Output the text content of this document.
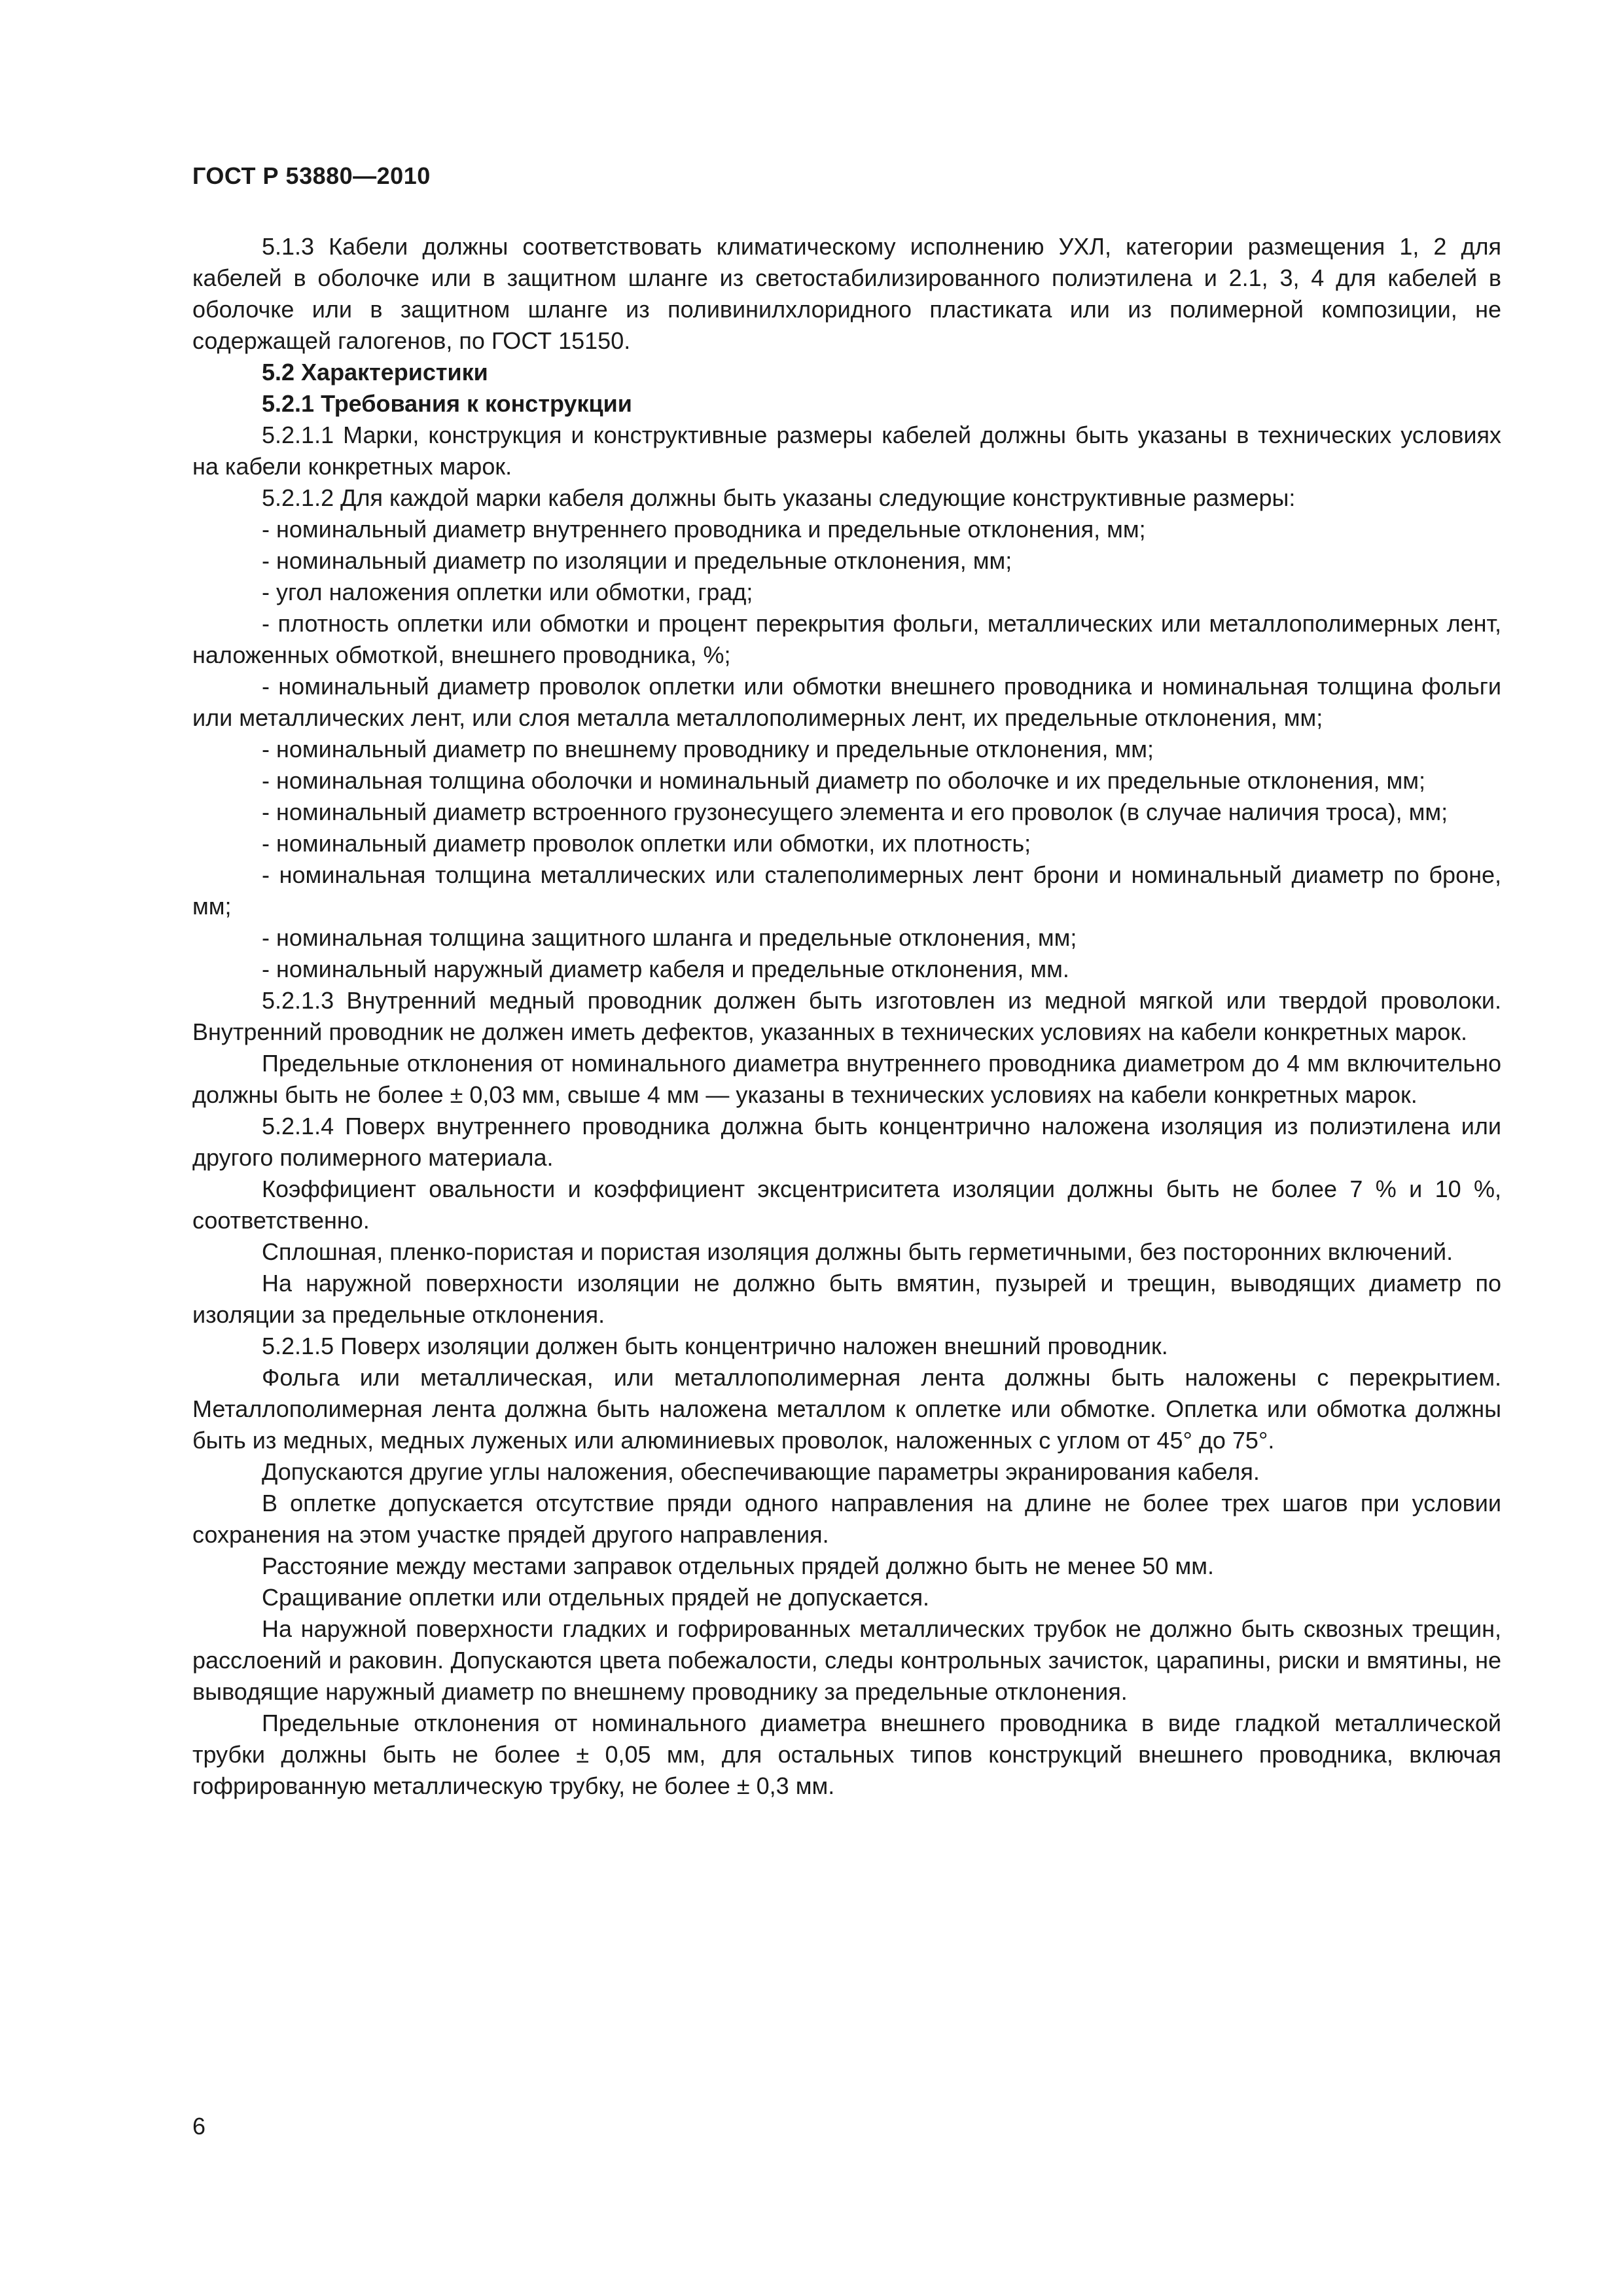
ГОСТ Р 53880—2010

5.1.3 Кабели должны соответствовать климатическому исполнению УХЛ, категории размещения 1, 2 для кабелей в оболочке или в защитном шланге из светостабилизированного полиэтилена и 2.1, 3, 4 для кабелей в оболочке или в защитном шланге из поливинилхлоридного пластиката или из полимерной композиции, не содержащей галогенов, по ГОСТ 15150.

5.2 Характеристики

5.2.1 Требования к конструкции

5.2.1.1 Марки, конструкция и конструктивные размеры кабелей должны быть указаны в технических условиях на кабели конкретных марок.

5.2.1.2 Для каждой марки кабеля должны быть указаны следующие конструктивные размеры:

- номинальный диаметр внутреннего проводника и предельные отклонения, мм;

- номинальный диаметр по изоляции и предельные отклонения, мм;

- угол наложения оплетки или обмотки, град;

- плотность оплетки или обмотки и процент перекрытия фольги, металлических или металлополимерных лент, наложенных обмоткой, внешнего проводника, %;

- номинальный диаметр проволок оплетки или обмотки внешнего проводника и номинальная толщина фольги или металлических лент, или слоя металла металлополимерных лент, их предельные отклонения, мм;

- номинальный диаметр по внешнему проводнику и предельные отклонения, мм;

- номинальная толщина оболочки и номинальный диаметр по оболочке и их предельные отклонения, мм;

- номинальный диаметр встроенного грузонесущего элемента и его проволок (в случае наличия троса), мм;

- номинальный диаметр проволок оплетки или обмотки, их плотность;

- номинальная толщина металлических или сталеполимерных лент брони и номинальный диаметр по броне, мм;

- номинальная толщина защитного шланга и предельные отклонения, мм;

- номинальный наружный диаметр кабеля и предельные отклонения, мм.

5.2.1.3 Внутренний медный проводник должен быть изготовлен из медной мягкой или твердой проволоки. Внутренний проводник не должен иметь дефектов, указанных в технических условиях на кабели конкретных марок.

Предельные отклонения от номинального диаметра внутреннего проводника диаметром до 4 мм включительно должны быть не более ± 0,03 мм, свыше 4 мм — указаны в технических условиях на кабели конкретных марок.

5.2.1.4 Поверх внутреннего проводника должна быть концентрично наложена изоляция из полиэтилена или другого полимерного материала.

Коэффициент овальности и коэффициент эксцентриситета изоляции должны быть не более 7 % и 10 %, соответственно.

Сплошная, пленко-пористая и пористая изоляция должны быть герметичными, без посторонних включений.

На наружной поверхности изоляции не должно быть вмятин, пузырей и трещин, выводящих диаметр по изоляции за предельные отклонения.

5.2.1.5 Поверх изоляции должен быть концентрично наложен внешний проводник.

Фольга или металлическая, или металлополимерная лента должны быть наложены с перекрытием. Металлополимерная лента должна быть наложена металлом к оплетке или обмотке. Оплетка или обмотка должны быть из медных, медных луженых или алюминиевых проволок, наложенных с углом от 45° до 75°.

Допускаются другие углы наложения, обеспечивающие параметры экранирования кабеля.

В оплетке допускается отсутствие пряди одного направления на длине не более трех шагов при условии сохранения на этом участке прядей другого направления.

Расстояние между местами заправок отдельных прядей должно быть не менее 50 мм.

Сращивание оплетки или отдельных прядей не допускается.

На наружной поверхности гладких и гофрированных металлических трубок не должно быть сквозных трещин, расслоений и раковин. Допускаются цвета побежалости, следы контрольных зачисток, царапины, риски и вмятины, не выводящие наружный диаметр по внешнему проводнику за предельные отклонения.

Предельные отклонения от номинального диаметра внешнего проводника в виде гладкой металлической трубки должны быть не более ± 0,05 мм, для остальных типов конструкций внешнего проводника, включая гофрированную металлическую трубку, не более ± 0,3 мм.

6
